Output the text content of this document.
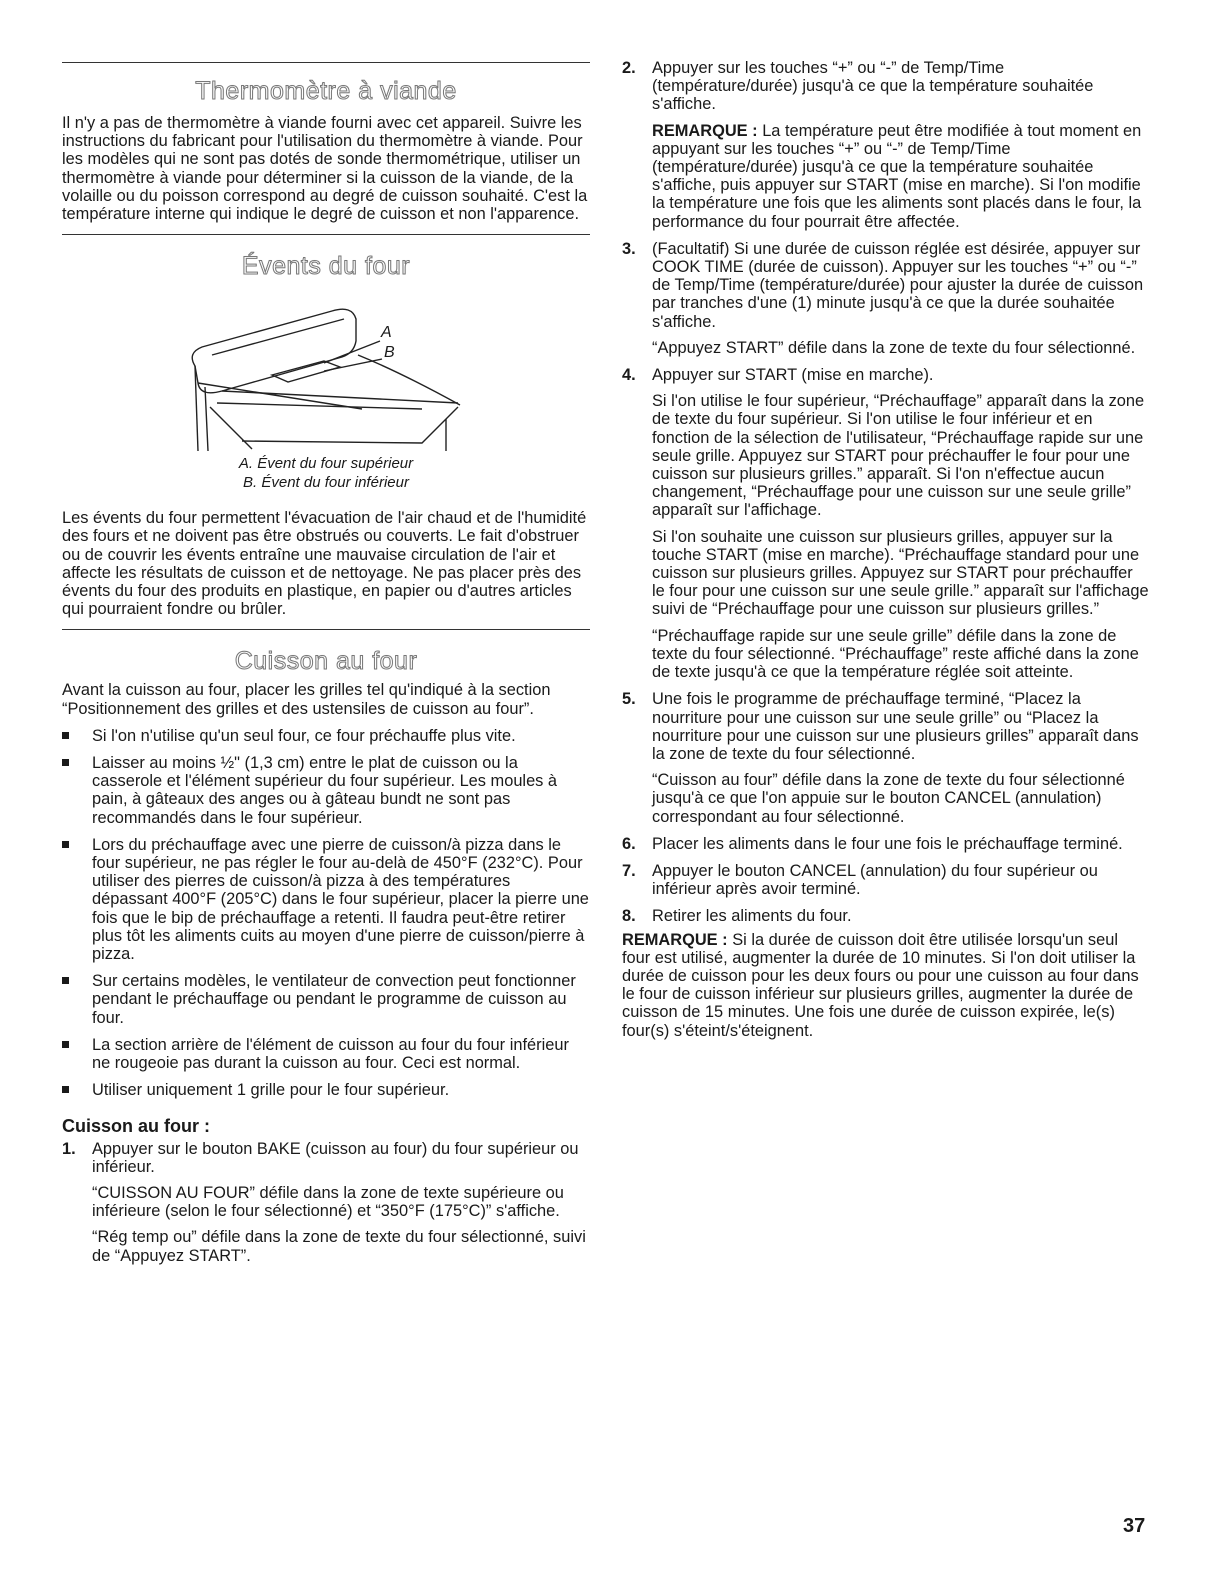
Thermomètre à viande

Il n'y a pas de thermomètre à viande fourni avec cet appareil. Suivre les instructions du fabricant pour l'utilisation du thermomètre à viande. Pour les modèles qui ne sont pas dotés de sonde thermométrique, utiliser un thermomètre à viande pour déterminer si la cuisson de la viande, de la volaille ou du poisson correspond au degré de cuisson souhaité. C'est la température interne qui indique le degré de cuisson et non l'apparence.

Évents du four
A
B

A. Évent du four supérieur

B. Évent du four inférieur

Les évents du four permettent l'évacuation de l'air chaud et de l'humidité des fours et ne doivent pas être obstrués ou couverts. Le fait d'obstruer ou de couvrir les évents entraîne une mauvaise circulation de l'air et affecte les résultats de cuisson et de nettoyage. Ne pas placer près des évents du four des produits en plastique, en papier ou d'autres articles qui pourraient fondre ou brûler.

Cuisson au four

Avant la cuisson au four, placer les grilles tel qu'indiqué à la section “Positionnement des grilles et des ustensiles de cuisson au four”.

Si l'on n'utilise qu'un seul four, ce four préchauffe plus vite.
Laisser au moins ½" (1,3 cm) entre le plat de cuisson ou la casserole et l'élément supérieur du four supérieur. Les moules à pain, à gâteaux des anges ou à gâteau bundt ne sont pas recommandés dans le four supérieur.
Lors du préchauffage avec une pierre de cuisson/à pizza dans le four supérieur, ne pas régler le four au-delà de 450°F (232°C). Pour utiliser des pierres de cuisson/à pizza à des températures dépassant 400°F (205°C) dans le four supérieur, placer la pierre une fois que le bip de préchauffage a retenti. Il faudra peut-être retirer plus tôt les aliments cuits au moyen d'une pierre de cuisson/pierre à pizza.
Sur certains modèles, le ventilateur de convection peut fonctionner pendant le préchauffage ou pendant le programme de cuisson au four.
La section arrière de l'élément de cuisson au four du four inférieur ne rougeoie pas durant la cuisson au four. Ceci est normal.
Utiliser uniquement 1 grille pour le four supérieur.
Cuisson au four :
1. Appuyer sur le bouton BAKE (cuisson au four) du four supérieur ou inférieur.

“CUISSON AU FOUR” défile dans la zone de texte supérieure ou inférieure (selon le four sélectionné) et “350°F (175°C)” s'affiche.

“Rég temp ou” défile dans la zone de texte du four sélectionné, suivi de “Appuyez START”.

2. Appuyer sur les touches “+” ou “-” de Temp/Time (température/durée) jusqu'à ce que la température souhaitée s'affiche.

REMARQUE : La température peut être modifiée à tout moment en appuyant sur les touches “+” ou “-” de Temp/Time (température/durée) jusqu'à ce que la température souhaitée s'affiche, puis appuyer sur START (mise en marche). Si l'on modifie la température une fois que les aliments sont placés dans le four, la performance du four pourrait être affectée.

3. (Facultatif) Si une durée de cuisson réglée est désirée, appuyer sur COOK TIME (durée de cuisson). Appuyer sur les touches “+” ou “-” de Temp/Time (température/durée) pour ajuster la durée de cuisson par tranches d'une (1) minute jusqu'à ce que la durée souhaitée s'affiche.

“Appuyez START” défile dans la zone de texte du four sélectionné.

4. Appuyer sur START (mise en marche).

Si l'on utilise le four supérieur, “Préchauffage” apparaît dans la zone de texte du four supérieur. Si l'on utilise le four inférieur et en fonction de la sélection de l'utilisateur, “Préchauffage rapide sur une seule grille. Appuyez sur START pour préchauffer le four pour une cuisson sur plusieurs grilles.” apparaît. Si l'on n'effectue aucun changement, “Préchauffage pour une cuisson sur une seule grille” apparaît sur l'affichage.

Si l'on souhaite une cuisson sur plusieurs grilles, appuyer sur la touche START (mise en marche). “Préchauffage standard pour une cuisson sur plusieurs grilles. Appuyez sur START pour préchauffer le four pour une cuisson sur une seule grille.” apparaît sur l'affichage suivi de “Préchauffage pour une cuisson sur plusieurs grilles.”

“Préchauffage rapide sur une seule grille” défile dans la zone de texte du four sélectionné. “Préchauffage” reste affiché dans la zone de texte jusqu'à ce que la température réglée soit atteinte.

5. Une fois le programme de préchauffage terminé, “Placez la nourriture pour une cuisson sur une seule grille” ou “Placez la nourriture pour une cuisson sur une plusieurs grilles” apparaît dans la zone de texte du four sélectionné.

“Cuisson au four” défile dans la zone de texte du four sélectionné jusqu'à ce que l'on appuie sur le bouton CANCEL (annulation) correspondant au four sélectionné.

6. Placer les aliments dans le four une fois le préchauffage terminé.

7. Appuyer le bouton CANCEL (annulation) du four supérieur ou inférieur après avoir terminé.

8. Retirer les aliments du four.

REMARQUE : Si la durée de cuisson doit être utilisée lorsqu'un seul four est utilisé, augmenter la durée de 10 minutes. Si l'on doit utiliser la durée de cuisson pour les deux fours ou pour une cuisson au four dans le four de cuisson inférieur sur plusieurs grilles, augmenter la durée de cuisson de 15 minutes. Une fois une durée de cuisson expirée, le(s) four(s) s'éteint/s'éteignent.

37
